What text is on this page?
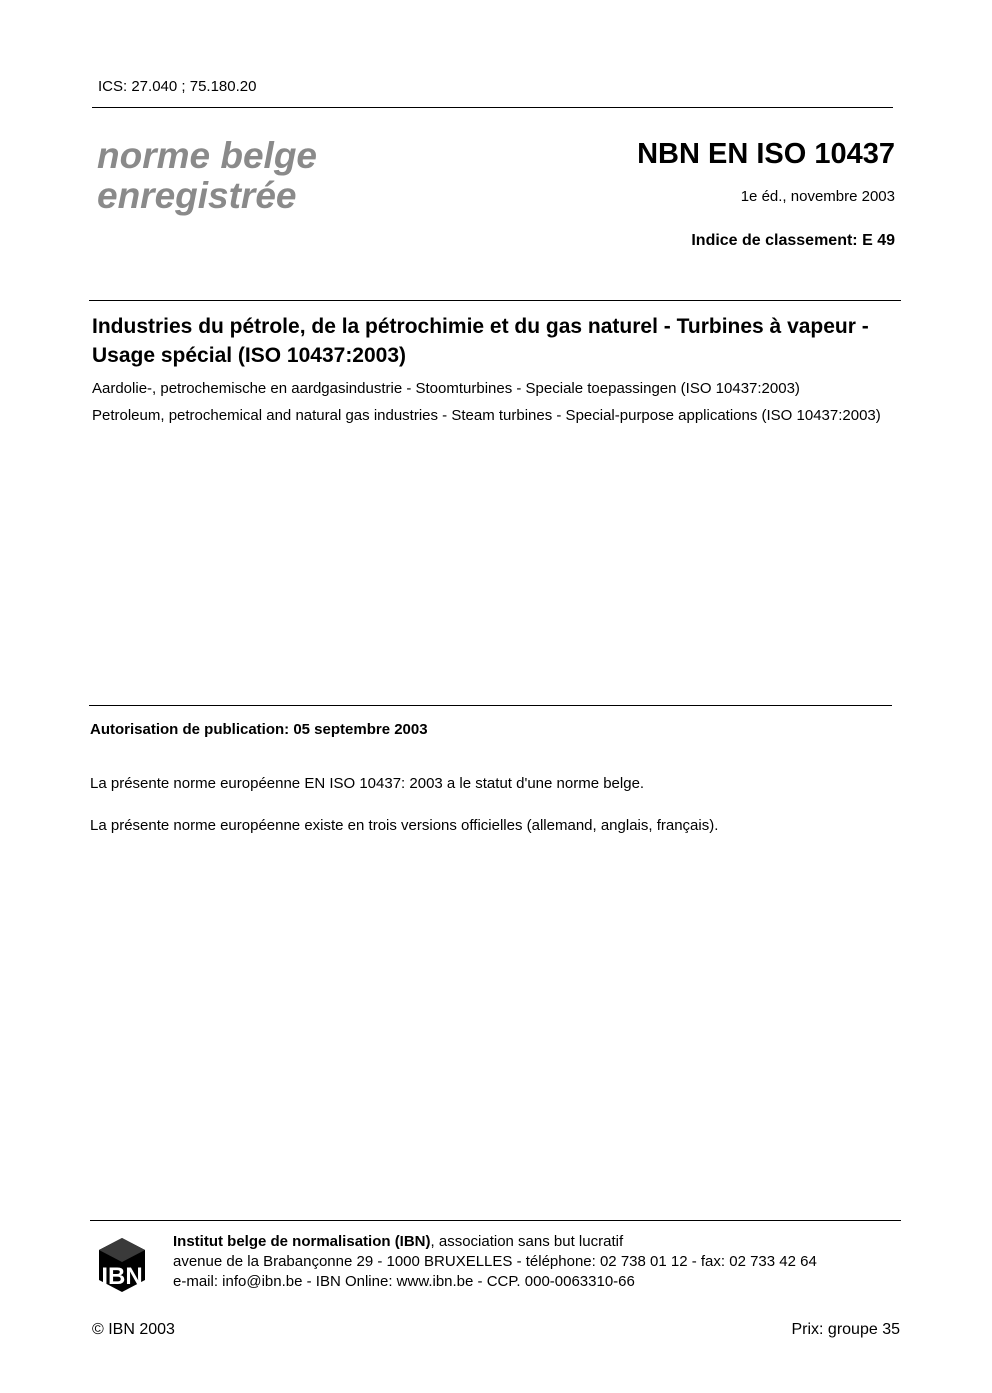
ICS: 27.040 ; 75.180.20
norme belge
enregistrée
NBN EN ISO 10437
1e éd., novembre 2003
Indice de classement: E 49
Industries du pétrole, de la pétrochimie et du gas naturel - Turbines à vapeur - Usage spécial (ISO 10437:2003)
Aardolie-, petrochemische en aardgasindustrie - Stoomturbines - Speciale toepassingen (ISO 10437:2003)
Petroleum, petrochemical and natural gas industries - Steam turbines - Special-purpose applications (ISO 10437:2003)
Autorisation de publication: 05 septembre 2003
La présente norme européenne EN ISO 10437: 2003 a le statut d'une norme belge.
La présente norme européenne existe en trois versions officielles (allemand, anglais, français).
IBN
Institut belge de normalisation (IBN), association sans but lucratif
avenue de la Brabançonne 29 - 1000 BRUXELLES - téléphone: 02 738 01 12 - fax: 02 733 42 64
e-mail: info@ibn.be - IBN Online: www.ibn.be - CCP. 000-0063310-66
© IBN 2003	Prix: groupe 35
